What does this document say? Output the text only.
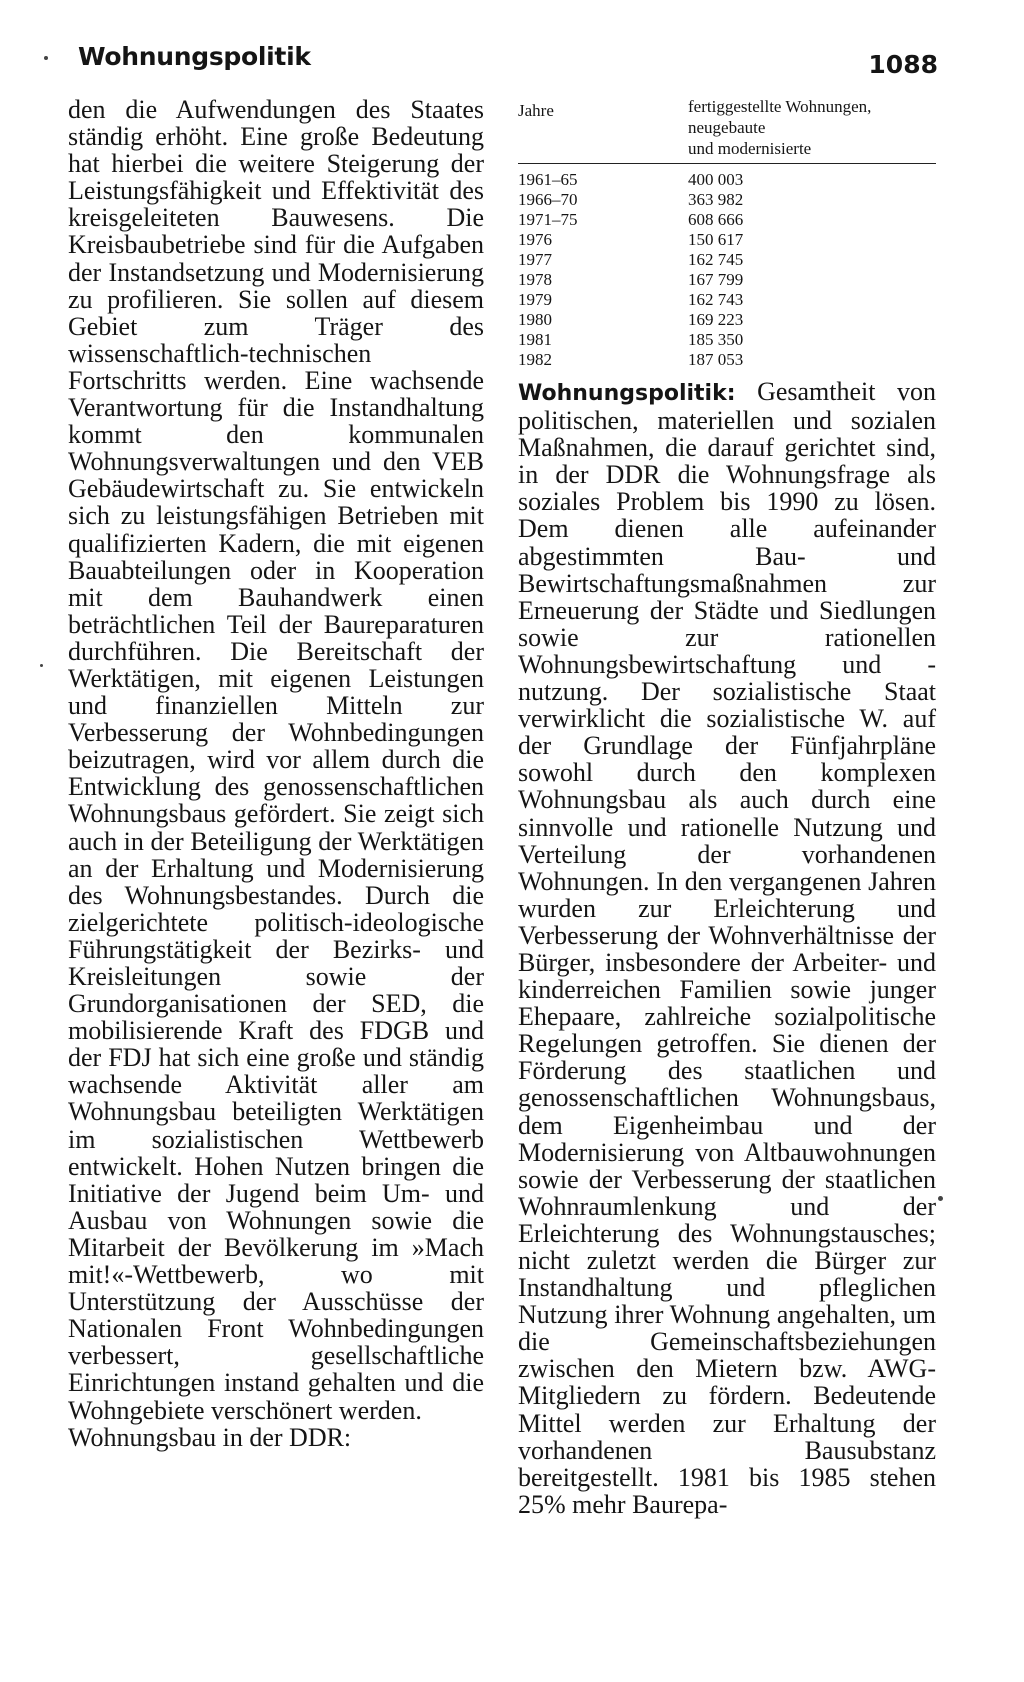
Wohnungspolitik	1088

den die Aufwendungen des Staates ständig erhöht. Eine große Bedeutung hat hierbei die weitere Steigerung der Leistungsfähigkeit und Effektivität des kreisgeleiteten Bauwesens. Die Kreisbaubetriebe sind für die Aufgaben der Instandsetzung und Modernisierung zu profilieren. Sie sollen auf diesem Gebiet zum Träger des wissenschaftlich-technischen Fortschritts werden. Eine wachsende Verantwortung für die Instandhaltung kommt den kommunalen Wohnungsverwaltungen und den VEB Gebäudewirtschaft zu. Sie entwickeln sich zu leistungsfähigen Betrieben mit qualifizierten Kadern, die mit eigenen Bauabteilungen oder in Kooperation mit dem Bauhandwerk einen beträchtlichen Teil der Baureparaturen durchführen. Die Bereitschaft der Werktätigen, mit eigenen Leistungen und finanziellen Mitteln zur Verbesserung der Wohnbedingungen beizutragen, wird vor allem durch die Entwicklung des genossenschaftlichen Wohnungsbaus gefördert. Sie zeigt sich auch in der Beteiligung der Werktätigen an der Erhaltung und Modernisierung des Wohnungsbestandes. Durch die zielgerichtete politisch-ideologische Führungstätigkeit der Bezirks- und Kreisleitungen sowie der Grundorganisationen der SED, die mobilisierende Kraft des FDGB und der FDJ hat sich eine große und ständig wachsende Aktivität aller am Wohnungsbau beteiligten Werktätigen im sozialistischen Wettbewerb entwickelt. Hohen Nutzen bringen die Initiative der Jugend beim Um- und Ausbau von Wohnungen sowie die Mitarbeit der Bevölkerung im »Mach mit!«-Wettbewerb, wo mit Unterstützung der Ausschüsse der Nationalen Front Wohnbedingungen verbessert, gesellschaftliche Einrichtungen instand gehalten und die Wohngebiete verschönert werden.

Wohnungsbau in der DDR:

Jahre	fertiggestellte Wohnungen,
neugebaute
und modernisierte
1961–65	400 003
1966–70	363 982
1971–75	608 666
1976	150 617
1977	162 745
1978	167 799
1979	162 743
1980	169 223
1981	185 350
1982	187 053

Wohnungspolitik: Gesamtheit von politischen, materiellen und sozialen Maßnahmen, die darauf gerichtet sind, in der DDR die Wohnungsfrage als soziales Problem bis 1990 zu lösen. Dem dienen alle aufeinander abgestimmten Bau- und Bewirtschaftungsmaßnahmen zur Erneuerung der Städte und Siedlungen sowie zur rationellen Wohnungsbewirtschaftung und -nutzung. Der sozialistische Staat verwirklicht die sozialistische W. auf der Grundlage der Fünfjahrpläne sowohl durch den komplexen Wohnungsbau als auch durch eine sinnvolle und rationelle Nutzung und Verteilung der vorhandenen Wohnungen. In den vergangenen Jahren wurden zur Erleichterung und Verbesserung der Wohnverhältnisse der Bürger, insbesondere der Arbeiter- und kinderreichen Familien sowie junger Ehepaare, zahlreiche sozialpolitische Regelungen getroffen. Sie dienen der Förderung des staatlichen und genossenschaftlichen Wohnungsbaus, dem Eigenheimbau und der Modernisierung von Altbauwohnungen sowie der Verbesserung der staatlichen Wohnraumlenkung und der Erleichterung des Wohnungstausches; nicht zuletzt werden die Bürger zur Instandhaltung und pfleglichen Nutzung ihrer Wohnung angehalten, um die Gemeinschaftsbeziehungen zwischen den Mietern bzw. AWG-Mitgliedern zu fördern. Bedeutende Mittel werden zur Erhaltung der vorhandenen Bausubstanz bereitgestellt. 1981 bis 1985 stehen 25% mehr Baurepa-
